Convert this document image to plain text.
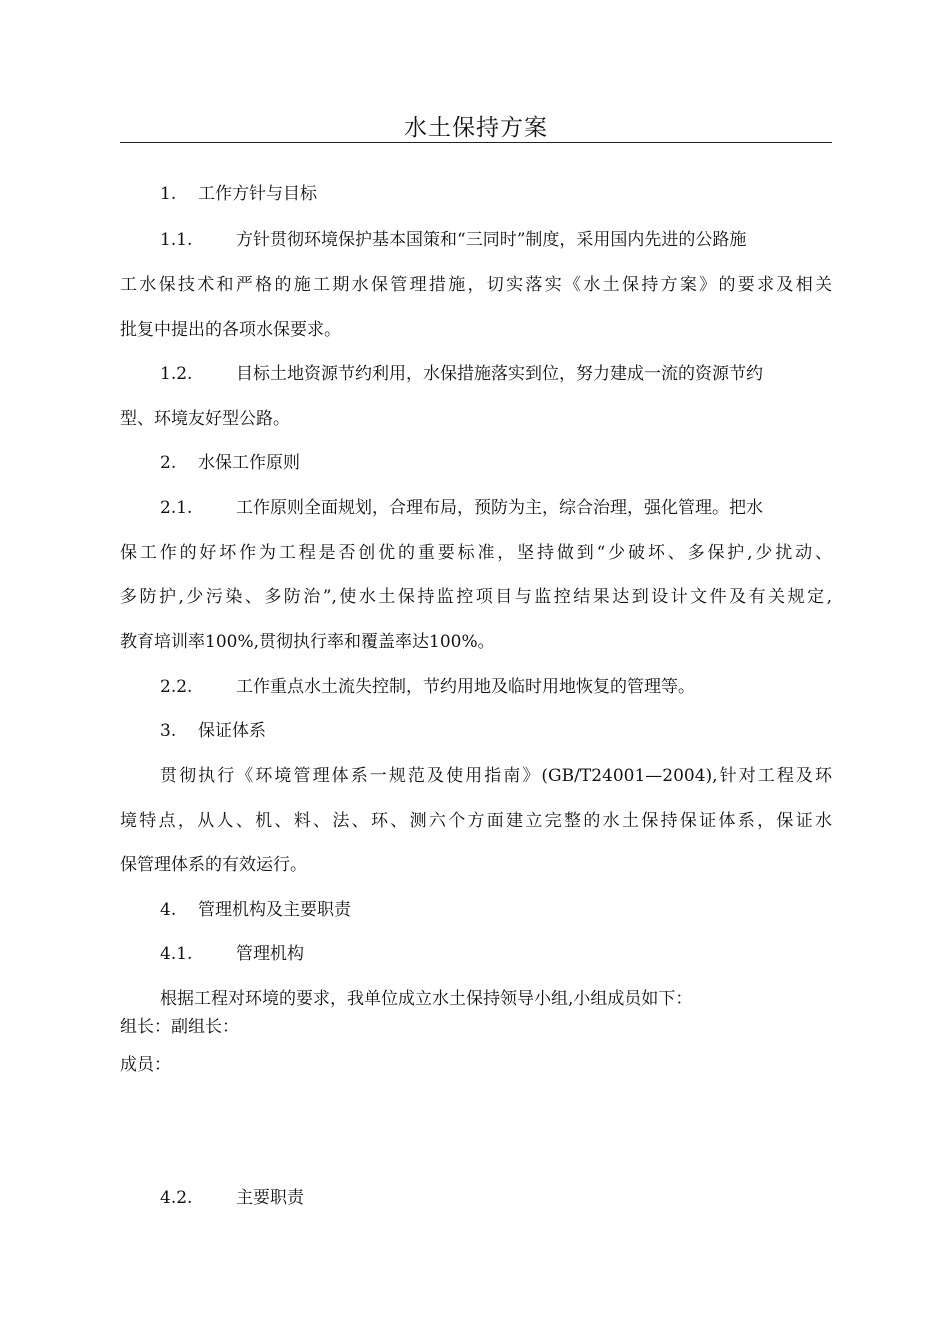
水土保持方案
1. 工作方针与目标
1.1.	方针贯彻环境保护基本国策和“三同时”制度，采用国内先进的公路施
工水保技术和严格的施工期水保管理措施，切实落实《水土保持方案》的要求及相关
批复中提出的各项水保要求。
1.2.	目标土地资源节约利用，水保措施落实到位，努力建成一流的资源节约
型、环境友好型公路。
2. 水保工作原则
2.1.	工作原则全面规划，合理布局，预防为主，综合治理，强化管理。把水
保工作的好坏作为工程是否创优的重要标准，坚持做到“少破坏、多保护,少扰动、
多防护,少污染、多防治”,使水土保持监控项目与监控结果达到设计文件及有关规定,
教育培训率100%,贯彻执行率和覆盖率达100%。
2.2.	工作重点水土流失控制，节约用地及临时用地恢复的管理等。
3. 保证体系
贯彻执行《环境管理体系一规范及使用指南》(GB/T24001—2004),针对工程及环
境特点，从人、机、料、法、环、测六个方面建立完整的水土保持保证体系，保证水
保管理体系的有效运行。
4. 管理机构及主要职责
4.1.	管理机构
根据工程对环境的要求，我单位成立水土保持领导小组,小组成员如下：
组长：副组长：
成员：
4.2.	主要职责
